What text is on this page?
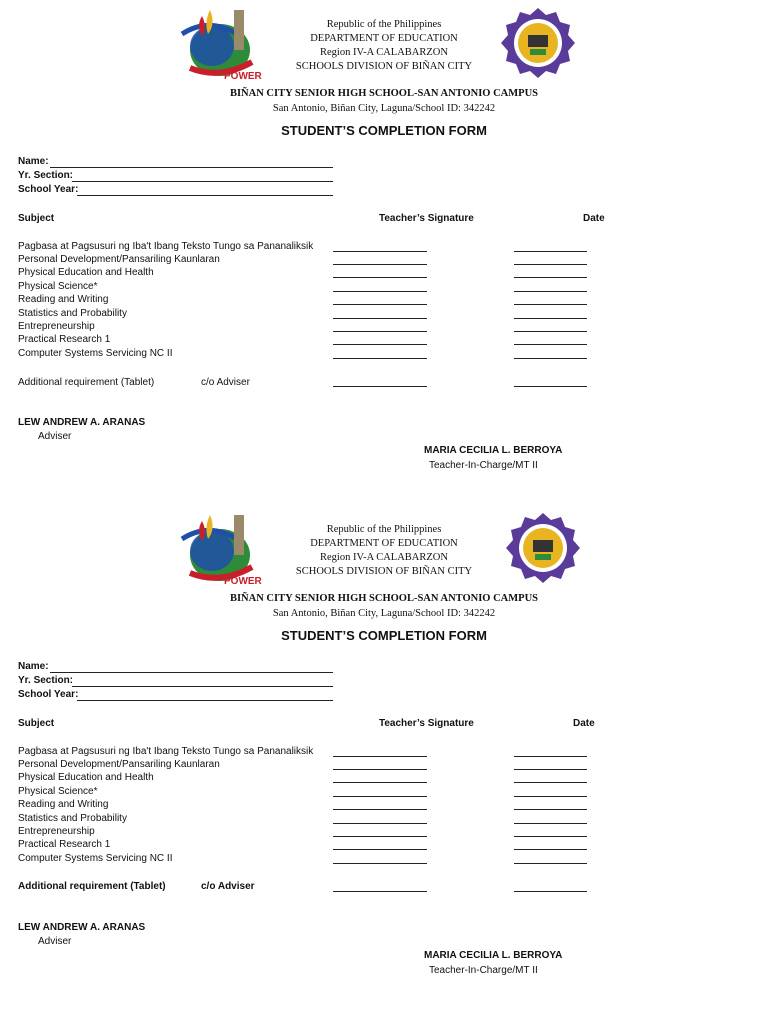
POWER
Republic of the Philippines
DEPARTMENT OF EDUCATION
Region IV-A CALABARZON
SCHOOLS DIVISION OF BIÑAN CITY
BIÑAN CITY SENIOR HIGH SCHOOL-SAN ANTONIO CAMPUS
San Antonio, Biñan City, Laguna/School ID: 342242
STUDENT’S COMPLETION FORM
Name:
Yr. Section:
School Year:
Subject	Teacher’s Signature	Date
Pagbasa at Pagsusuri ng Iba't Ibang Teksto Tungo sa Pananaliksik
Personal Development/Pansariling Kaunlaran
Physical Education and Health
Physical Science*
Reading and Writing
Statistics and Probability
Entrepreneurship
Practical Research 1
Computer Systems Servicing NC II
Additional requirement (Tablet)	c/o Adviser
LEW ANDREW A. ARANAS
Adviser
MARIA CECILIA L. BERROYA
Teacher-In-Charge/MT II
POWER
Republic of the Philippines
DEPARTMENT OF EDUCATION
Region IV-A CALABARZON
SCHOOLS DIVISION OF BIÑAN CITY
BIÑAN CITY SENIOR HIGH SCHOOL-SAN ANTONIO CAMPUS
San Antonio, Biñan City, Laguna/School ID: 342242
STUDENT’S COMPLETION FORM
Name:
Yr. Section:
School Year:
Subject	Teacher’s Signature	Date
Pagbasa at Pagsusuri ng Iba't Ibang Teksto Tungo sa Pananaliksik
Personal Development/Pansariling Kaunlaran
Physical Education and Health
Physical Science*
Reading and Writing
Statistics and Probability
Entrepreneurship
Practical Research 1
Computer Systems Servicing NC II
Additional requirement (Tablet)	c/o Adviser
LEW ANDREW A. ARANAS
Adviser
MARIA CECILIA L. BERROYA
Teacher-In-Charge/MT II
